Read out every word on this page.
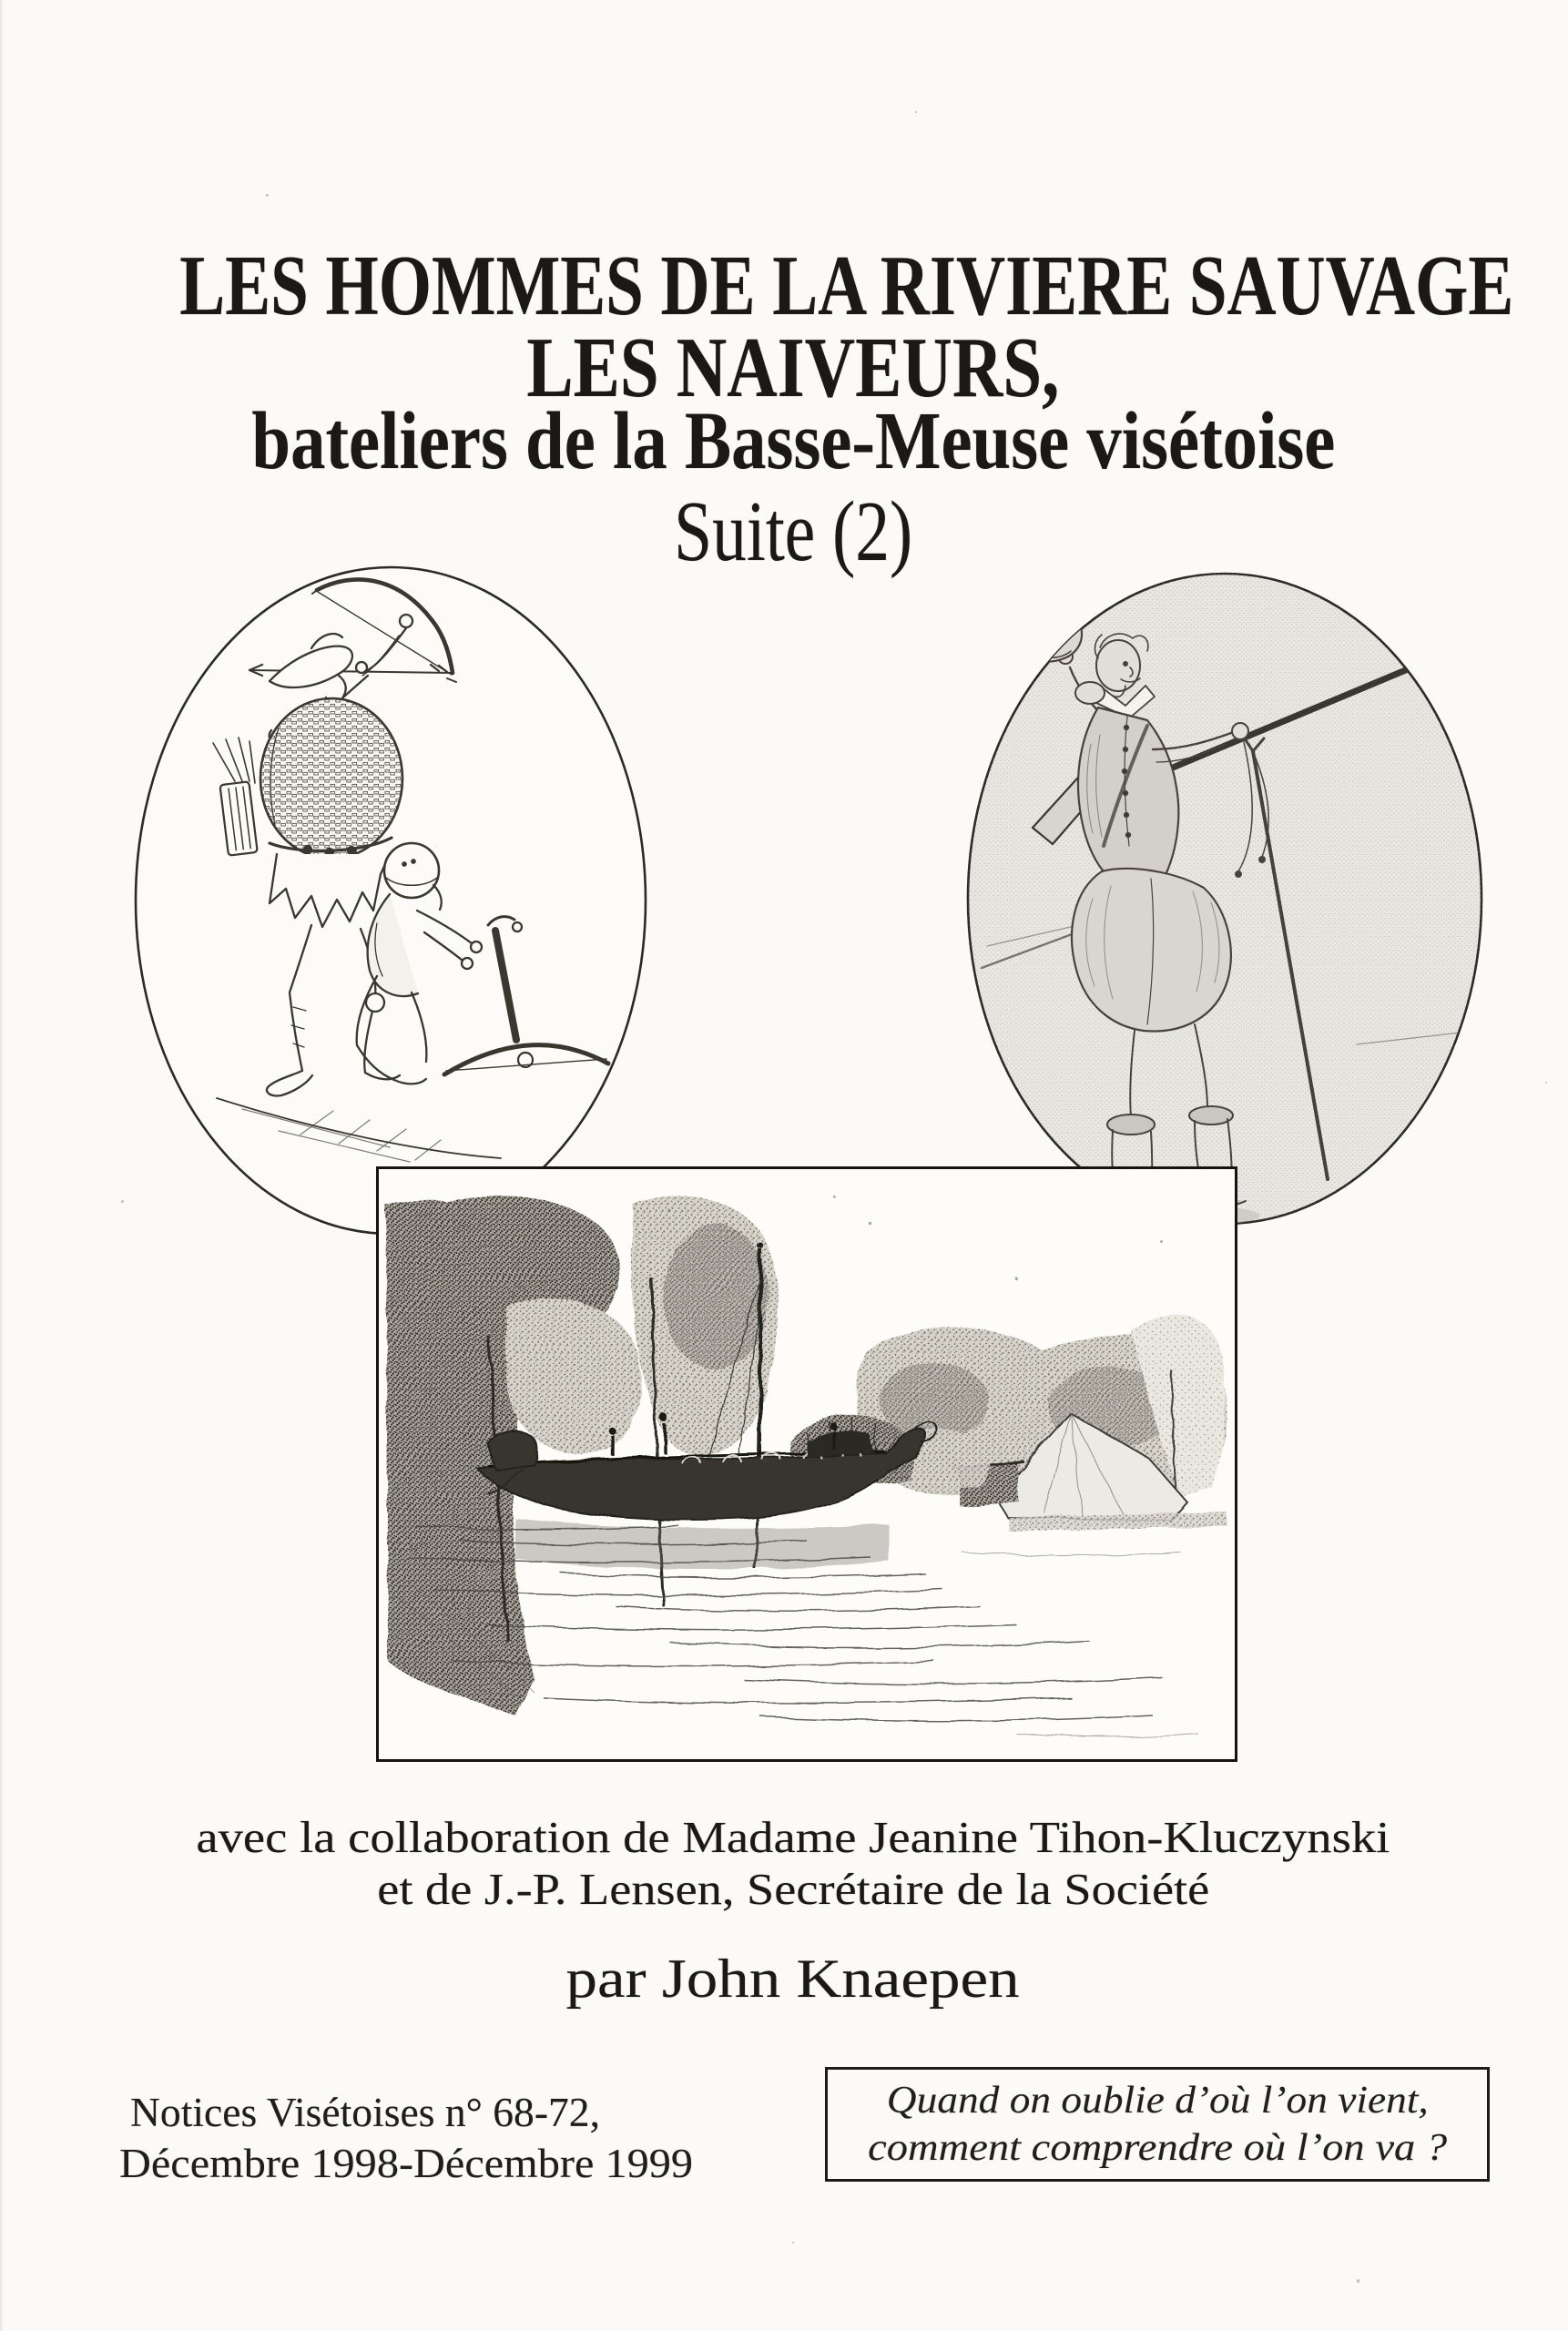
LES HOMMES DE LA RIVIERE SAUVAGE
LES NAIVEURS,
bateliers de la Basse-Meuse visétoise
Suite (2)
avec la collaboration de Madame Jeanine Tihon-Kluczynski
et de J.-P. Lensen, Secrétaire de la Société
par John Knaepen
Notices Visétoises n° 68-72,
Décembre 1998-Décembre 1999
Quand on oublie d’où l’on vient,
comment comprendre où l’on va ?
